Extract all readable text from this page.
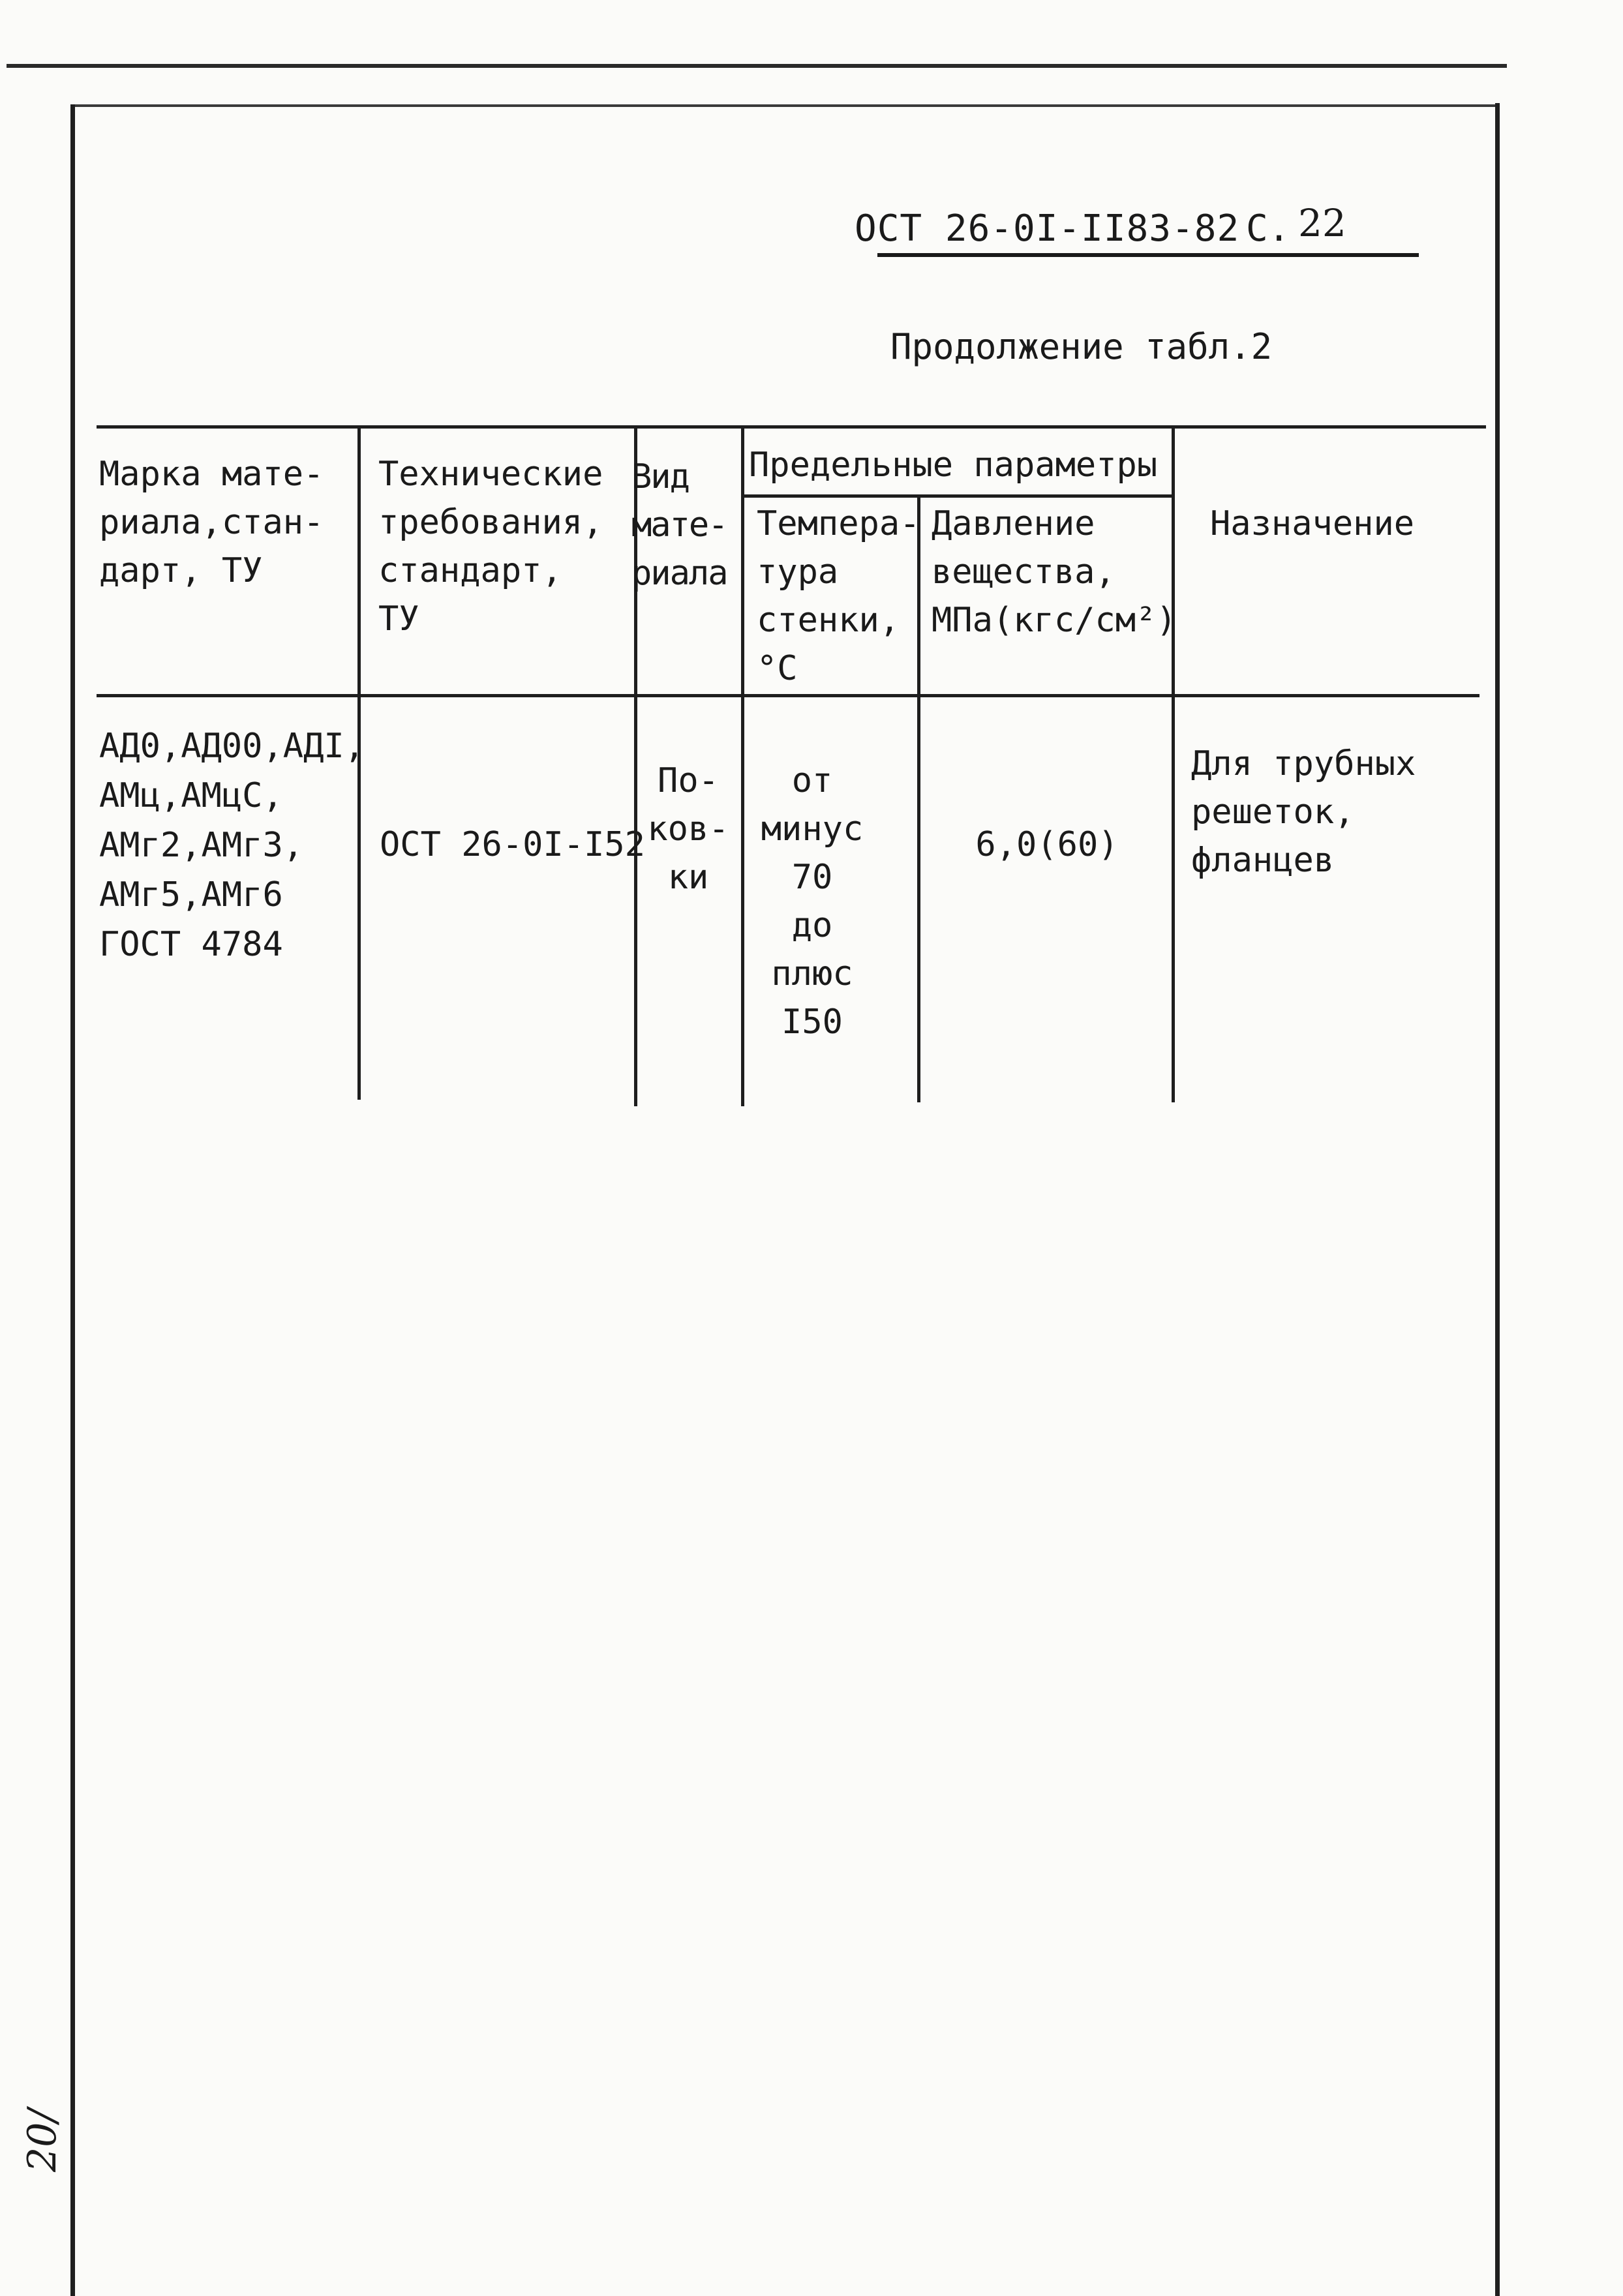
ОСТ 26-0I-II83-82 С. 22
Продолжение табл.2
Марка мате-
риала,стан-
дарт, ТУ
Технические
требования,
стандарт,
ТУ
Вид
мате-
риала
Предельные параметры
Темпера-
тура
стенки,
°С
Давление
вещества,
МПа(кгс/см²)
Назначение
АД0,АД00,АДI,
АМц,АМцС,
АМг2,АМг3,
АМг5,АМг6
ГОСТ 4784
ОСТ 26-0I-I52
По-
ков-
ки
от
минус
70
до
плюс
I50
6,0(60)
Для трубных
решеток,
фланцев
20/
